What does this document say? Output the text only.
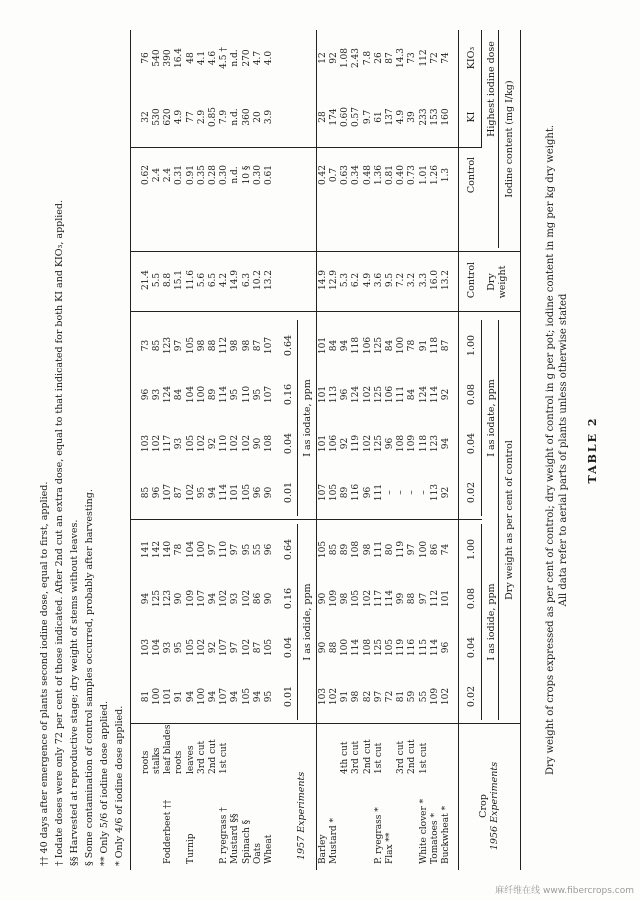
TABLE 2
Dry weight of crops expressed as per cent of control; dry weight of control in g per pot; iodine content in mg per kg dry weight. All data refer to aerial parts of plants unless otherwise stated
Crop 1956 Experiments
Dry weight as per cent of control
I as iodide, ppm
I as iodate, ppm
Dry weight
Iodine content (mg I/kg)
Highest iodine dose
Control
Control
KI
KIO₃
0.02
0.02
0.04
0.04
0.08
0.08
1.00
1.00
Buckwheat *
102
96
101
74
92
94
92
87
13.2
1.3
160
74
Tomatoes *
109
114
112
86
113
123
114
118
16.0
1.26
153
72
White clover *
1st cut
55
115
97
100
–
118
124
91
3.3
1.01
233
112
2nd cut
59
116
88
97
–
109
84
78
3.2
0.73
39
73
3rd cut
81
119
99
119
–
108
111
100
7.2
0.40
4.9
14.3
Flax **
72
105
114
80
–
96
106
84
9.5
0.81
137
87
P. ryegrass *
1st cut
97
125
117
111
111
125
125
125
3.6
1.36
61
26
2nd cut
82
108
102
98
96
102
102
106
4.9
0.48
9.7
7.8
3rd cut
98
114
105
108
116
119
124
118
6.2
0.34
0.57
2.43
4th cut
91
100
98
89
89
92
96
94
5.3
0.63
0.60
1.08
Mustard *
102
88
109
85
105
106
113
84
12.9
0.7
174
92
Barley
103
90
90
105
107
101
101
101
14.9
0.42
28
12
1957 Experiments
I as iodide, ppm
I as iodate, ppm
0.01
0.01
0.04
0.04
0.16
0.16
0.64
0.64
Wheat
95
105
90
96
90
108
107
107
13.2
0.61
3.9
4.0
Oats
94
87
86
55
96
90
95
87
10.2
0.30
20
4.7
Spinach §
105
102
102
95
105
102
110
98
6.3
10 §
360
270
Mustard §§
94
97
93
97
101
102
95
98
14.9
n.d.
n.d.
n.d.
P. ryegrass †
1st cut
107
107
102
110
114
110
114
112
4.2
0.30
7.9
4.5 †
2nd cut
94
92
94
97
94
92
89
88
6.5
0.28
0.85
4.6
3rd cut
100
102
107
100
95
102
100
98
5.6
0.35
2.9
4.1
Turnip
leaves
94
105
109
104
102
105
104
105
11.6
0.91
77
48
roots
91
95
90
78
87
93
84
97
15.1
0.31
4.9
16.4
Fodderbeet ††
leaf blades
101
93
123
140
107
117
124
123
8.8
2.4
620
390
stalks
100
104
125
142
96
102
93
85
5.5
2.4
530
540
roots
81
103
94
141
85
103
96
73
21.4
0.62
32
76
* Only 4/6 of iodine dose applied.
** Only 5/6 of iodine dose applied.
§ Some contamination of control samples occurred, probably after harvesting.
§§ Harvested at reproductive stage; dry weight of stems without leaves.
† Iodate doses were only 72 per cent of those indicated. After 2nd cut an extra dose, equal to that indicated for both KI and KIO₃, applied.
†† 40 days after emergence of plants second iodine dose, equal to first, applied.
麻纤维在线 www.fibercrops.com
